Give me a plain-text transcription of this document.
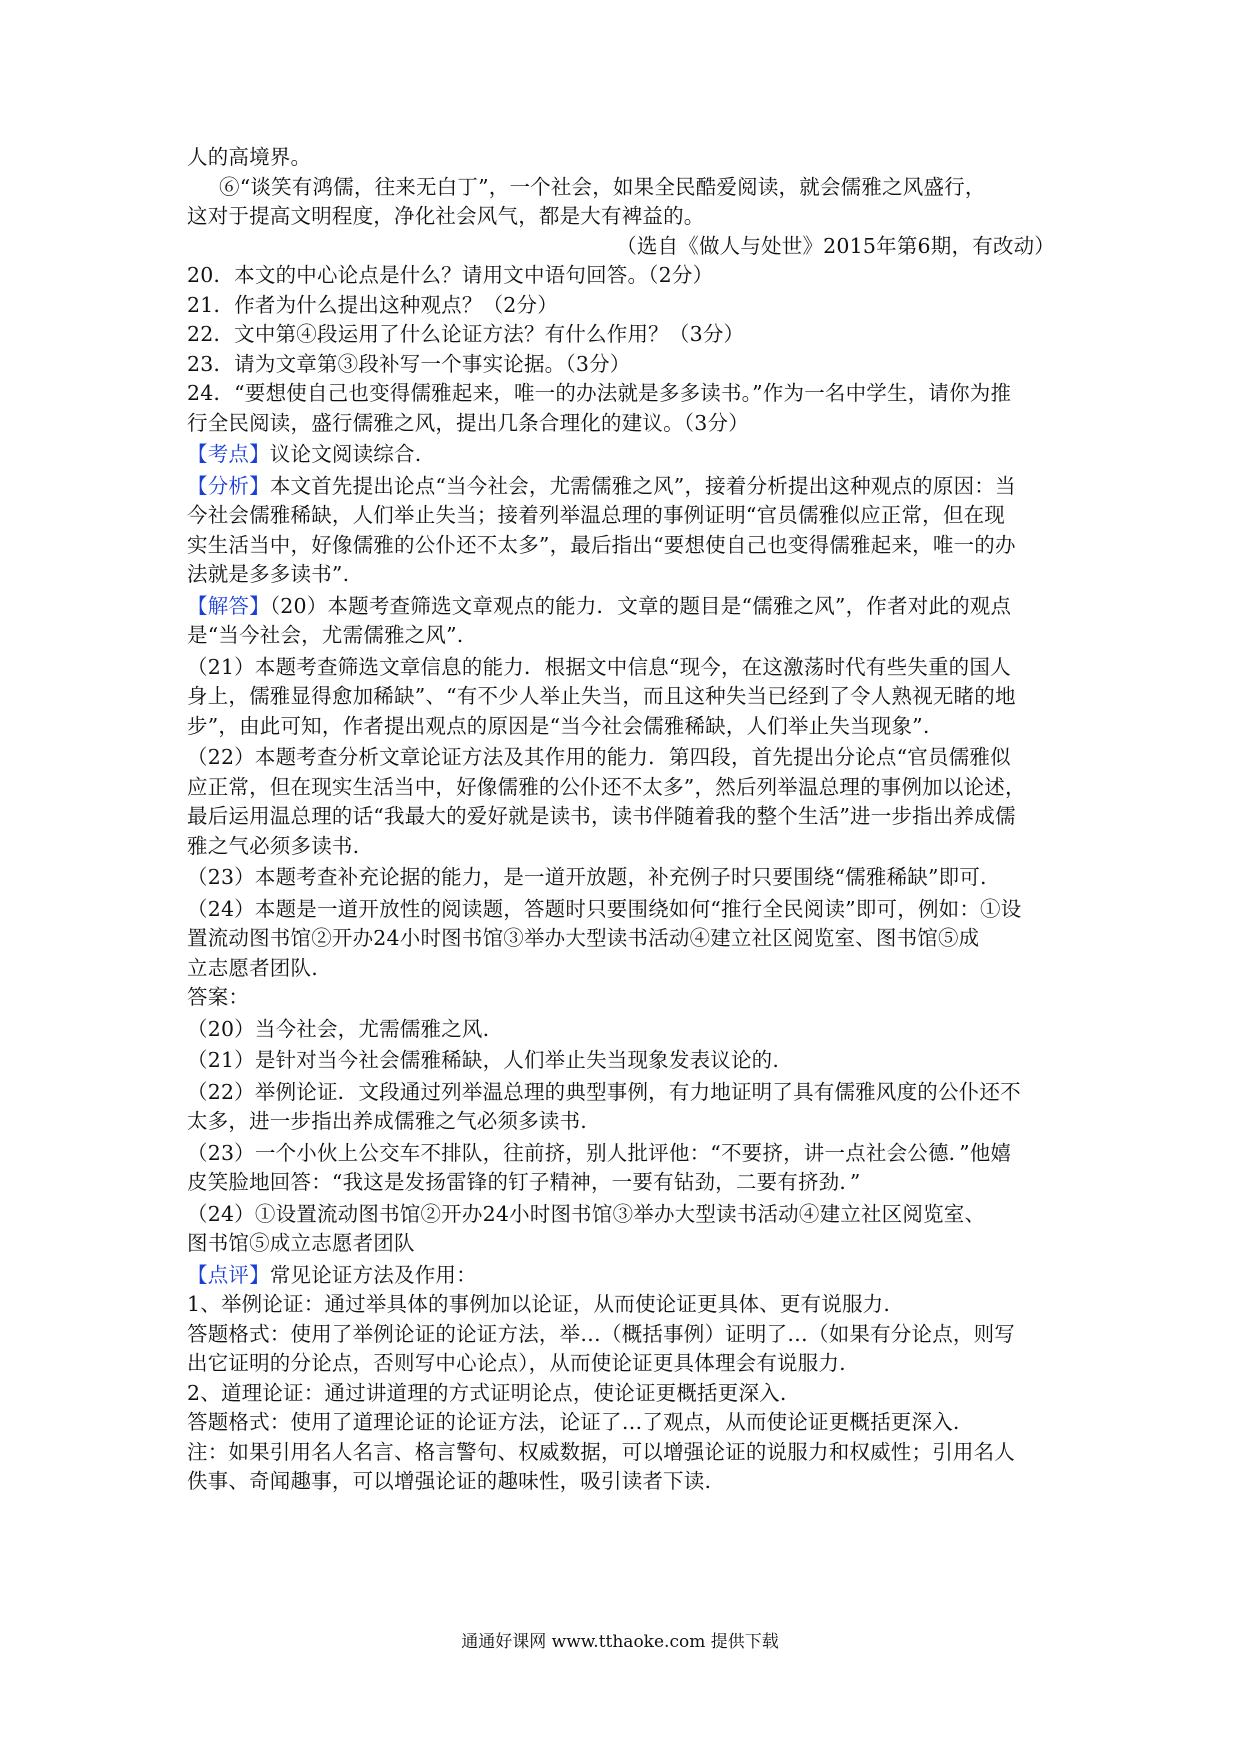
人的高境界。
⑥“谈笑有鸿儒，往来无白丁”，一个社会，如果全民酷爱阅读，就会儒雅之风盛行，
这对于提高文明程度，净化社会风气，都是大有裨益的。
（选自《做人与处世》2015年第6期，有改动）
20．本文的中心论点是什么？请用文中语句回答。（2分）
21．作者为什么提出这种观点？（2分）
22．文中第④段运用了什么论证方法？有什么作用？（3分）
23．请为文章第③段补写一个事实论据。（3分）
24．“要想使自己也变得儒雅起来，唯一的办法就是多多读书。”作为一名中学生，请你为推
行全民阅读，盛行儒雅之风，提出几条合理化的建议。（3分）
【考点】议论文阅读综合.
【分析】本文首先提出论点“当今社会，尤需儒雅之风”，接着分析提出这种观点的原因：当
今社会儒雅稀缺，人们举止失当；接着列举温总理的事例证明“官员儒雅似应正常，但在现
实生活当中，好像儒雅的公仆还不太多”，最后指出“要想使自己也变得儒雅起来，唯一的办
法就是多多读书”.
【解答】（20）本题考查筛选文章观点的能力．文章的题目是“儒雅之风”，作者对此的观点
是“当今社会，尤需儒雅之风”.
（21）本题考查筛选文章信息的能力．根据文中信息“现今，在这激荡时代有些失重的国人
身上，儒雅显得愈加稀缺”、“有不少人举止失当，而且这种失当已经到了令人熟视无睹的地
步”，由此可知，作者提出观点的原因是“当今社会儒雅稀缺，人们举止失当现象”.
（22）本题考查分析文章论证方法及其作用的能力．第四段，首先提出分论点“官员儒雅似
应正常，但在现实生活当中，好像儒雅的公仆还不太多”，然后列举温总理的事例加以论述，
最后运用温总理的话“我最大的爱好就是读书，读书伴随着我的整个生活”进一步指出养成儒
雅之气必须多读书.
（23）本题考查补充论据的能力，是一道开放题，补充例子时只要围绕“儒雅稀缺”即可.
（24）本题是一道开放性的阅读题，答题时只要围绕如何“推行全民阅读”即可，例如：①设
置流动图书馆②开办24小时图书馆③举办大型读书活动④建立社区阅览室、图书馆⑤成
立志愿者团队.
答案：
（20）当今社会，尤需儒雅之风.
（21）是针对当今社会儒雅稀缺，人们举止失当现象发表议论的.
（22）举例论证．文段通过列举温总理的典型事例，有力地证明了具有儒雅风度的公仆还不
太多，进一步指出养成儒雅之气必须多读书.
（23）一个小伙上公交车不排队，往前挤，别人批评他：“不要挤，讲一点社会公德．”他嬉
皮笑脸地回答：“我这是发扬雷锋的钉子精神，一要有钻劲，二要有挤劲．”
（24）①设置流动图书馆②开办24小时图书馆③举办大型读书活动④建立社区阅览室、
图书馆⑤成立志愿者团队
【点评】常见论证方法及作用：
1、举例论证：通过举具体的事例加以论证，从而使论证更具体、更有说服力.
答题格式：使用了举例论证的论证方法，举…（概括事例）证明了…（如果有分论点，则写
出它证明的分论点，否则写中心论点），从而使论证更具体理会有说服力.
2、道理论证：通过讲道理的方式证明论点，使论证更概括更深入.
答题格式：使用了道理论证的论证方法，论证了…了观点，从而使论证更概括更深入.
注：如果引用名人名言、格言警句、权威数据，可以增强论证的说服力和权威性；引用名人
佚事、奇闻趣事，可以增强论证的趣味性，吸引读者下读.
通通好课网 www.tthaoke.com 提供下载
